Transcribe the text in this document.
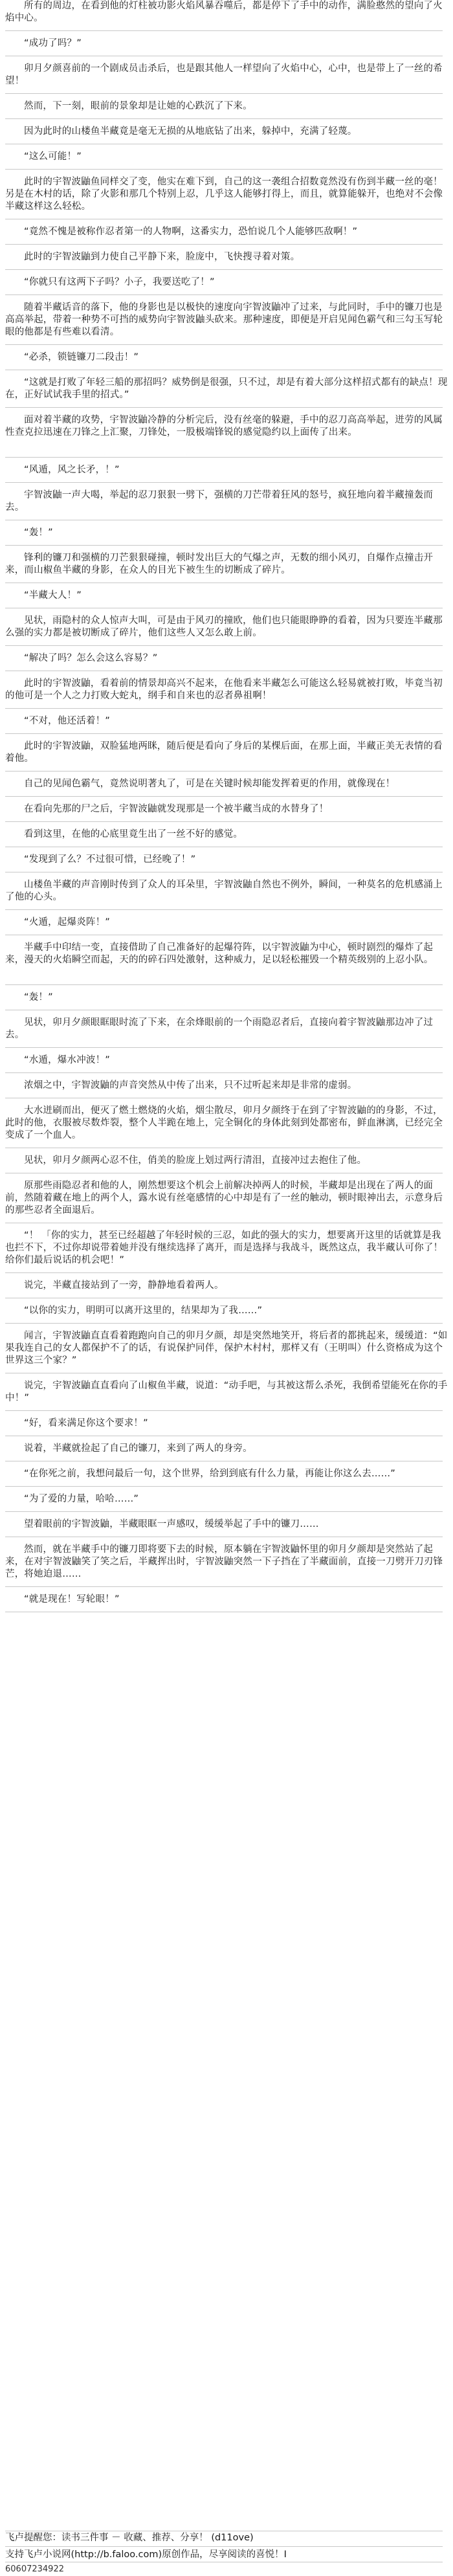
所有的周边，在看到他的灯柱被功影火焰风暴吞噬后，都是停下了手中的动作，满脸憨然的望向了火焰中心。
“成功了吗？”
卯月夕颜喜前的一个剧成员击杀后，也是跟其他人一样望向了火焰中心，心中，也是带上了一丝的希望！
然而，下一刻，眼前的景象却是让她的心跌沉了下来。
因为此时的山楼鱼半藏竟是毫无无损的从地底钻了出来，躲掉中，充满了轻蔑。
“这么可能！”
此时的宇智波鼬鱼同样交了变，他实在难下到，自己的这一袭组合招数竟然没有伤到半藏一丝的毫！另是在木村的话，除了火影和那几个特别上忍，几乎这人能够打得上，而且，就算能躲开，也绝对不会像半藏这样这么轻松。
“竟然不愧是被称作忍者第一的人物啊，这番实力，恐怕说几个人能够匹敌啊！”
此时的宇智波鼬到力使自己平静下来，脸庞中，飞快搜寻着对策。
“你就只有这两下子吗？小子，我要送吃了！”
随着半藏话音的落下，他的身影也是以极快的速度向宇智波鼬冲了过来，与此同时，手中的镰刀也是高高举起，带着一种势不可挡的威势向宇智波鼬头砍来。那种速度，即便是开启见闻色霸气和三勾玉写轮眼的他都是有些难以看清。
“必杀，锁链镰刀二段击！”
“这就是打败了年轻三船的那招吗？威势倒是很强，只不过，却是有着大部分这样招式都有的缺点！现在，正好试试我手里的招式。”
面对着半藏的攻势，宇智波鼬冷静的分析完后，没有丝毫的躲避，手中的忍刀高高举起，迸劳的风属性查克拉迅速在刀锋之上汇聚，刀锋处，一股极端锋锐的感觉隐约以上面传了出来。
“风遁，风之长矛，！”
宇智波鼬一声大喝，举起的忍刀狠狠一劈下，强横的刀芒带着狂风的怒号，疯狂地向着半藏撞轰而去。
“轰！”
锋利的镰刀和强横的刀芒狠狠碰撞，顿时发出巨大的气爆之声，无数的细小风刃，自爆作点撞击开来，而山椒鱼半藏的身影，在众人的目光下被生生的切断成了碎片。
“半藏大人！”
见状，雨隐村的众人惊声大叫，可是由于风刃的撞欧，他们也只能眼睁睁的看着，因为只要连半藏那么强的实力都是被切断成了碎片，他们这些人又怎么敢上前。
“解决了吗？怎么会这么容易？”
此时的宇智波鼬，看着前的情景却高兴不起来，在他看来半藏怎么可能这么轻易就被打败，毕竟当初的他可是一个人之力打败大蛇丸，纲手和自来也的忍者鼻祖啊！
“不对，他还活着！”
此时的宇智波鼬，双脸猛地两眯，随后便是看向了身后的某棵后面，在那上面，半藏正美无表情的看着他。
自己的见闻色霸气，竟然说明著丸了，可是在关键时候却能发挥着更的作用，就像现在！
在看向先那的尸之后，宇智波鼬就发现那是一个被半藏当成的水替身了！
看到这里，在他的心底里竟生出了一丝不好的感觉。
“发现到了么？不过很可惜，已经晚了！”
山楼鱼半藏的声音刚时传到了众人的耳朵里，宇智波鼬自然也不例外，瞬间，一种莫名的危机感涌上了他的心头。
“火遁，起爆炎阵！”
半藏手中印结一变，直接借助了自己准备好的起爆符阵，以宇智波鼬为中心，顿时剧烈的爆炸了起来，漫天的火焰瞬空而起，天的的碎石四处激射，这种威力，足以轻松摧毁一个精英级别的上忍小队。
“轰！”
见状，卯月夕颜眼眶眼时流了下来，在余烽眼前的一个雨隐忍者后，直接向着宇智波鼬那边冲了过去。
“水遁，爆水冲波！”
浓烟之中，宇智波鼬的声音突然从中传了出来，只不过听起来却是非常的虚弱。
大水迸刷而出，便灭了燃土燃烧的火焰，烟尘散尽，卯月夕颜终于在到了宇智波鼬的的身影，不过，此时的他，衣服被尽数炸裂，整个人半跪在地上，完全铜化的身体此刻到处都密布，鲜血淋漓，已经完全变成了一个血人。
见状，卯月夕颜两心忍不住，俏美的脸庞上划过两行清泪，直接冲过去抱住了他。
原那些雨隐忍者和他的人，刚然想要这个机会上前解决掉两人的时候，半藏却是出现在了两人的面前，然随着藏在地上的两个人，露水说有丝毫感情的心中却是有了一丝的触动，顿时眼神出去，示意身后的那些忍者全面退后。
“！ 「你的实力，甚至已经超越了年轻时候的三忍，如此的强大的实力，想要离开这里的话就算是我也拦不下，不过你却说带着她并没有继续选择了离开，而是选择与我战斗，既然这点，我半藏认可你了！给你们最后说话的机会吧！”
说完，半藏直接站到了一旁，静静地看着两人。
“以你的实力，明明可以离开这里的，结果却为了我……”
闻言，宇智波鼬直直看着跑跑向自己的卯月夕颜，却是突然地笑开，将后者的都挑起来，缓缓道：“如果我连自己的女人都保护不了的话，有说保护同伴，保护木村村，那样又有（王明叫）什么资格成为这个世界这三个家？”
说完，宇智波鼬直直看向了山椒鱼半藏，说道：“动手吧，与其被这帮么杀死，我倒希望能死在你的手中！”
“好，看来满足你这个要求！”
说着，半藏就捡起了自己的镰刀，来到了两人的身旁。
“在你死之前，我想问最后一句，这个世界，给到到底有什么力量，再能让你这么去……”
“为了爱的力量，哈哈……”
望着眼前的宇智波鼬，半藏眼眶一声感叹，缓缓举起了手中的镰刀……
然而，就在半藏手中的镰刀即将要下去的时候，原本躺在宇智波鼬怀里的卯月夕颜却是突然站了起来，在对宇智波鼬笑了笑之后，半藏挥出时，宇智波鼬突然一下子挡在了半藏面前，直接一刀劈开刀刃锋芒，将她迫退……
“就是现在！写轮眼！”
飞卢提醒您：读书三件事 － 收藏、推荐、分享！ (d11ove)
支持飞卢小说网(http://b.faloo.com)原创作品，尽享阅读的喜悦！I
60607234922
